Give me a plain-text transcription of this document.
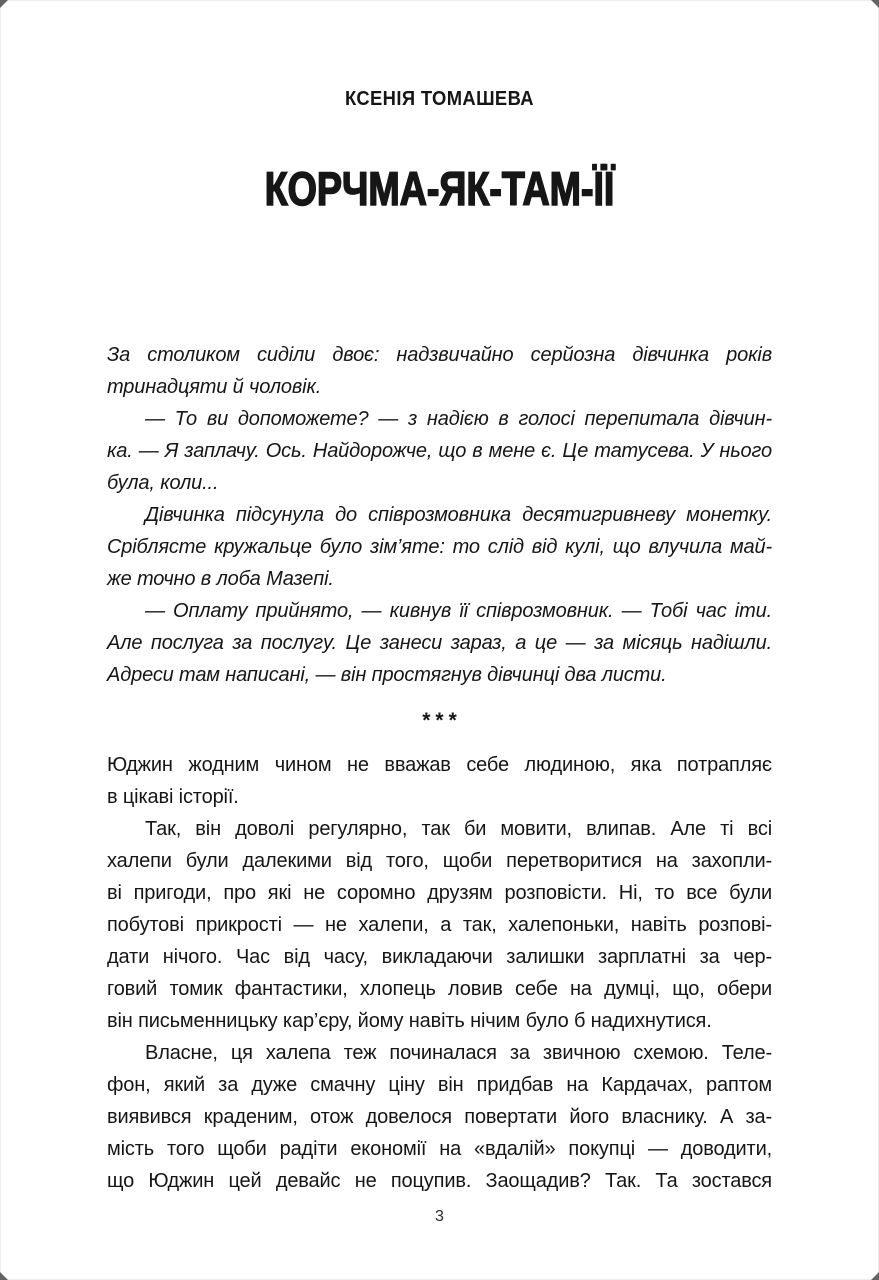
КСЕНІЯ ТОМАШЕВА
КОРЧМА-ЯК-ТАМ-ЇЇ
За столиком сиділи двоє: надзвичайно серйозна дівчинка років
тринадцяти й чоловік.
— То ви допоможете? — з надією в голосі перепитала дівчин-
ка. — Я заплачу. Ось. Найдорожче, що в мене є. Це татусева. У нього
була, коли...
Дівчинка підсунула до співрозмовника десятигривневу монетку.
Сріблясте кружальце було зім’яте: то слід від кулі, що влучила май-
же точно в лоба Мазепі.
— Оплату прийнято, — кивнув її співрозмовник. — Тобі час іти.
Але послуга за послугу. Це занеси зараз, а це — за місяць надішли.
Адреси там написані, — він простягнув дівчинці два листи.
***
Юджин жодним чином не вважав себе людиною, яка потрапляє
в цікаві історії.
Так, він доволі регулярно, так би мовити, влипав. Але ті всі
халепи були далекими від того, щоби перетворитися на захопли-
ві пригоди, про які не соромно друзям розповісти. Ні, то все були
побутові прикрості — не халепи, а так, халепоньки, навіть розпові-
дати нічого. Час від часу, викладаючи залишки зарплатні за чер-
говий томик фантастики, хлопець ловив себе на думці, що, обери
він письменницьку кар’єру, йому навіть нічим було б надихнутися.
Власне, ця халепа теж починалася за звичною схемою. Теле-
фон, який за дуже смачну ціну він придбав на Кардачах, раптом
виявився краденим, отож довелося повертати його власнику. А за-
мість того щоби радіти економії на «вдалій» покупці — доводити,
що Юджин цей девайс не поцупив. Заощадив? Так. Та зостався
3
